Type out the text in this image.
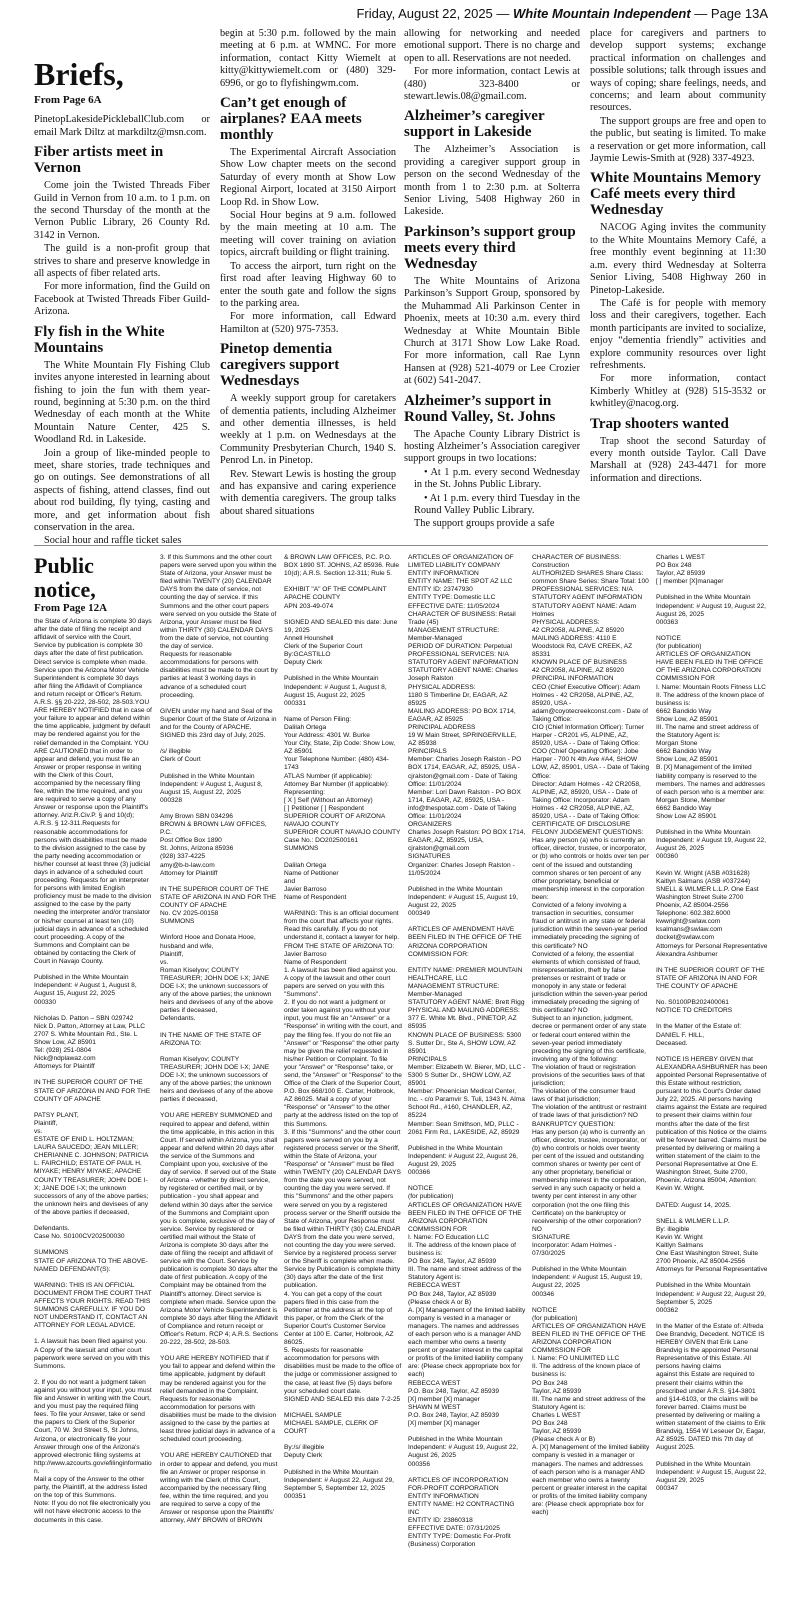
Friday, August 22, 2025 — White Mountain Independent — Page 13A
Briefs,
From Page 6A

PinetopLakesidePickleballClub.com or email Mark Diltz at markdiltz@msn.com.

Fiber artists meet in Vernon

Come join the Twisted Threads Fiber Guild in Vernon from 10 a.m. to 1 p.m. on the second Thursday of the month at the Vernon Public Library, 26 County Rd. 3142 in Vernon.

The guild is a non-profit group that strives to share and preserve knowledge in all aspects of fiber related arts.

For more information, find the Guild on Facebook at Twisted Threads Fiber Guild-Arizona.

Fly fish in the White Mountains

The White Mountain Fly Fishing Club invites anyone interested in learning about fishing to join the fun with them year-round, beginning at 5:30 p.m. on the third Wednesday of each month at the White Mountain Nature Center, 425 S. Woodland Rd. in Lakeside.

Join a group of like-minded people to meet, share stories, trade techniques and go on outings. See demonstrations of all aspects of fishing, attend classes, find out about rod building, fly tying, casting and more, and get information about fish conservation in the area.

Social hour and raffle ticket sales

begin at 5:30 p.m. followed by the main meeting at 6 p.m. at WMNC. For more information, contact Kitty Wiemelt at kitty@kittywiemelt.com or (480) 329-6996, or go to flyfishingwm.com.

Can’t get enough of airplanes? EAA meets monthly

The Experimental Aircraft Association Show Low chapter meets on the second Saturday of every month at Show Low Regional Airport, located at 3150 Airport Loop Rd. in Show Low.

Social Hour begins at 9 a.m. followed by the main meeting at 10 a.m. The meeting will cover training on aviation topics, aircraft building or flight training.

To access the airport, turn right on the first road after leaving Highway 60 to enter the south gate and follow the signs to the parking area.

For more information, call Edward Hamilton at (520) 975-7353.

Pinetop dementia caregivers support Wednesdays

A weekly support group for caretakers of dementia patients, including Alzheimer and other dementia illnesses, is held weekly at 1 p.m. on Wednesdays at the Community Presbyterian Church, 1940 S. Penrod Ln. in Pinetop.

Rev. Stewart Lewis is hosting the group and has expansive and caring experience with dementia caregivers. The group talks about shared situations

allowing for networking and needed emotional support. There is no charge and open to all. Reservations are not needed.

For more information, contact Lewis at (480) 323-8400 or stewart.lewis.08@gmail.com.

Alzheimer’s caregiver support in Lakeside

The Alzheimer’s Association is providing a caregiver support group in person on the second Wednesday of the month from 1 to 2:30 p.m. at Solterra Senior Living, 5408 Highway 260 in Lakeside.

Parkinson’s support group meets every third Wednesday

The White Mountains of Arizona Parkinson’s Support Group, sponsored by the Muhammad Ali Parkinson Center in Phoenix, meets at 10:30 a.m. every third Wednesday at White Mountain Bible Church at 3171 Show Low Lake Road. For more information, call Rae Lynn Hansen at (928) 521-4079 or Lee Crozier at (602) 541-2047.

Alzheimer’s support in Round Valley, St. Johns

The Apache County Library District is hosting Alzheimer’s Association caregiver support groups in two locations:

• At 1 p.m. every second Wednesday in the St. Johns Public Library.

• At 1 p.m. every third Tuesday in the Round Valley Public Library.

The support groups provide a safe

place for caregivers and partners to develop support systems; exchange practical information on challenges and possible solutions; talk through issues and ways of coping; share feelings, needs, and concerns; and learn about community resources.

The support groups are free and open to the public, but seating is limited. To make a reservation or get more information, call Jaymie Lewis-Smith at (928) 337-4923.

White Mountains Memory Café meets every third Wednesday

NACOG Aging invites the community to the White Mountains Memory Café, a free monthly event beginning at 11:30 a.m. every third Wednesday at Solterra Senior Living, 5408 Highway 260 in Pinetop-Lakeside.

The Café is for people with memory loss and their caregivers, together. Each month participants are invited to socialize, enjoy “dementia friendly” activities and explore community resources over light refreshments.

For more information, contact Kimberly Whitley at (928) 515-3532 or kwhitley@nacog.org.

Trap shooters wanted

Trap shoot the second Saturday of every month outside Taylor. Call Dave Marshall at (928) 243-4471 for more information and directions.

Public notice,
From Page 12A
the State of Arizona is complete 30 days after the date of filing the receipt and affidavit of service with the Court, Service by publication is complete 30 days after the date of first publication. Direct service is complete when made. Service upon the Arizona Motor Vehicle Superintendent is complete 30 days after filing the Affidavit of Compliance and return receipt or Officer's Return. A.R.S. §§ 20-222, 28-502, 28-503.YOU ARE HEREBY NOTIFIED that in case of your failure to appear and defend within the time applicable, judgment by default may be rendered against you for the relief demanded in the Complaint. YOU ARE CAUTIONED that in order to appear and defend, you must file an Answer or proper response in writing with the Clerk of this Court, accompanied by the necessary filing fee, within the time required, and you are required to serve a copy of any Answer or response upon the Plaintiff's attorney. Ariz.R.Civ.P. § and 10(d); A.R.S. § 12-311.Requests for reasonable accommodations for persons with disabilities must be made to the division assigned to the case by the party needing accommodation or his/her counsel at least three (3) judicial days in advance of a scheduled court proceeding. Requests for an interpreter for persons with limited English proficiency must be made to the division assigned to the case by the party needing the interpreter and/or translator or his/her counsel at least ten (10) judicial days in advance of a scheduled court proceeding. A copy of the Summons and Complaint can be obtained by contacting the Clerk of Court in Navajo County.

Published in the White Mountain Independent: # August 1, August 8, August 15, August 22, 2025
000330

Nicholas D. Patton – SBN 029742
Nick D. Patton, Attorney at Law, PLLC
2707 S. White Mountain Rd., Ste. L
Show Low, AZ 85901
Tel: (928) 251-0804
Nick@ndplawaz.com
Attorneys for Plaintiff

IN THE SUPERIOR COURT OF THE STATE OF ARIZONA IN AND FOR THE COUNTY OF APACHE

PATSY PLANT,
Plaintiff,
vs.
ESTATE OF ENID L. HOLTZMAN; LAURA SAUCEDO; JEAN MILLER; CHERIANNE C. JOHNSON; PATRICIA L. FAIRCHILD; ESTATE OF PAUL H. MIYAKE; HENRY MIYAKE; APACHE COUNTY TREASURER; JOHN DOE I-X; JANE DOE I-X; the unknown successors of any of the above parties; the unknown heirs and devisees of any of the above parties if deceased,

Defendants.
Case No. S0100CV202500030

SUMMONS
STATE OF ARIZONA TO THE ABOVE-NAMED DEFENDANT(S):

WARNING: THIS IS AN OFFICIAL DOCUMENT FROM THE COURT THAT AFFECTS YOUR RIGHTS. READ THIS SUMMONS CAREFULLY. IF YOU DO NOT UNDERSTAND IT, CONTACT AN ATTORNEY FOR LEGAL ADVICE.

1. A lawsuit has been filed against you. A Copy of the lawsuit and other court paperwork were served on you with this Summons.

2. If you do not want a judgment taken against you without your input, you must file and Answer in writing with the Court, and you must pay the required filing fees. To file your Answer, take or send the papers to Clerk of the Superior Court, 70 W. 3rd Street S, St Johns, Arizona, or electronically file your Answer through one of the Arizona's approved electronic filing systems at http://www.azcourts.gov/efilinginformation.
Mail a copy of the Answer to the other party, the Plaintiff, at the address listed on the top of this Summons.
Note: If you do not file electronically you will not have electronic access to the documents in this case.
3. If this Summons and the other court papers were served upon you within the State of Arizona, your Answer must be filed within TWENTY (20) CALENDAR DAYS from the date of service, not counting the day of service. If this Summons and the other court papers were served on you outside the State of Arizona, your Answer must be filed within THIRTY (30) CALENDAR DAYS from the date of service, not counting the day of service.
Requests for reasonable accommodations for persons with disabilities must be made to the court by parties at least 3 working days in advance of a scheduled court proceeding.

GIVEN under my hand and Seal of the Superior Court of the State of Arizona in and for the County of APACHE.
SIGNED this 23rd day of July, 2025.

/s/ illegible
Clerk of Court

Published in the White Mountain Independent: # August 1, August 8, August 15, August 22, 2025
000328

Amy Brown SBN 034296
BROWN & BROWN LAW OFFICES, P.C.
Post Office Box 1890
St. Johns, Arizona 85936
(928) 337-4225
amy@b-b-law.com
Attorney for Plaintiff

IN THE SUPERIOR COURT OF THE STATE OF ARIZONA IN AND FOR THE COUNTY OF APACHE
No. CV 2025-00158
SUMMONS

Winford Hooe and Donata Hooe, husband and wife,
Plaintiff,
vs.
Roman Kiselyov; COUNTY TREASURER; JOHN DOE I-X; JANE DOE I-X; the unknown successors of any of the above parties; the unknown heirs and devisees of any of the above parties if deceased,
Defendants.

IN THE NAME OF THE STATE OF ARIZONA TO:

Roman Kiselyov; COUNTY TREASURER; JOHN DOE I-X; JANE DOE I-X; the unknown successors of any of the above parties; the unknown heirs and devisees of any of the above parties if deceased,

YOU ARE HEREBY SUMMONED and required to appear and defend, within the time applicable, in this action in this Court. If served within Arizona, you shall appear and defend within 20 days after the service of the Summons and Complaint upon you, exclusive of the day of service. If served out of the State of Arizona - whether by direct service, by registered or certified mail, or by publication - you shall appear and defend within 30 days after the service of the Summons and Complaint upon you is complete, exclusive of the day of service. Service by registered or certified mail without the State of Arizona is complete 30 days after the date of filing the receipt and affidavit of service with the Court. Service by publication is complete 30 days after the date of first publication. A copy of the Complaint may be obtained from the Plaintiff's attorney. Direct service is complete when made. Service upon the Arizona Motor Vehicle Superintendent is complete 30 days after filing the Affidavit of Compliance and return receipt or Officer's Return. RCP 4; A.R.S. Sections 20-222, 28-502, 28-503.

YOU ARE HEREBY NOTIFIED that if you fail to appear and defend within the time applicable, judgment by default may be rendered against you for the relief demanded in the Complaint. Requests for reasonable accommodation for persons with disabilities must be made to the division assigned to the case by the parties at least three judicial days in advance of a scheduled court proceeding.

YOU ARE HEREBY CAUTIONED that in order to appear and defend, you must file an Answer or proper response in writing with the Clerk of this Court, accompanied by the necessary filing fee, within the time required, and you are required to serve a copy of the Answer or response upon the Plaintiffs' attorney, AMY BROWN of BROWN
& BROWN LAW OFFICES, P.C. P.O. BOX 1890 ST. JOHNS, AZ 85936. Rule 10(d); A.R.S. Section 12-311; Rule 5.

EXHIBIT "A" OF THE COMPLAINT
APACHE COUNTY
APN 203-49-074

SIGNED AND SEALED this date: June 19, 2025
Annell Hounshell
Clerk of the Superior Court
By:GCASTILLO
Deputy Clerk

Published in the White Mountain Independent: # August 1, August 8, August 15, August 22, 2025
000331

Name of Person Filing:
Dalilah Ortega
Your Address: 4301 W. Burke
Your City, State, Zip Code: Show Low, AZ 85901
Your Telephone Number: (480) 434-1743
ATLAS Number (if applicable):
Attorney Bar Number (if applicable):
Representing:
[ X ] Self (Without an Attorney)
[ ] Petitioner [ ] Respondent
SUPERIOR COURT OF ARIZONA NAVAJO COUNTY
SUPERIOR COURT NAVAJO COUNTY
Case No.: DO202500161
SUMMONS

Dalilah Ortega
Name of Petitioner
and
Javier Barroso
Name of Respondent

WARNING: This is an official document from the court that affects your rights. Read this carefully. If you do not understand it, contact a lawyer for help.
FROM THE STATE OF ARIZONA TO: Javier Barroso
Name of Respondent
1. A lawsuit has been filed against you. A copy of the lawsuit and other court papers are served on you with this "Summons".
2. If you do not want a judgment or order taken against you without your input, you must file an "Answer" or a "Response" in writing with the court, and pay the filing fee. If you do not file an "Answer" or "Response" the other party may be given the relief requested in his/her Petition or Complaint. To file your "Answer" or "Response" take, or send, the "Answer" or "Response" to the Office of the Clerk of the Superior Court, P.O. Box 668/100 E. Carter, Holbrook, AZ 86025. Mail a copy of your "Response" or "Answer" to the other party at the address listed on the top of this Summons.
3. If this "Summons" and the other court papers were served on you by a registered process server or the Sheriff, within the State of Arizona, your "Response" or "Answer" must be filed within TWENTY (20) CALENDAR DAYS from the date you were served, not counting the day you were served. If this "Summons" and the other papers were served on you by a registered process server or the Sheriff outside the State of Arizona, your Response must be filed within THIRTY (30) CALENDAR DAYS from the date you were served, not counting the day you were served. Service by a registered process server or the Sheriff is complete when made. Service by Publication is complete thirty (30) days after the date of the first publication.
4. You can get a copy of the court papers filed in this case from the Petitioner at the address at the top of this paper, or from the Clerk of the Superior Court's Customer Service Center at 100 E. Carter, Holbrook, AZ 86025.
5. Requests for reasonable accommodation for persons with disabilities must be made to the office of the judge or commissioner assigned to the case, at least five (5) days before your scheduled court date.
SIGNED AND SEALED this date 7-2-25

MICHAEL SAMPLE
MICHAEL SAMPLE, CLERK OF COURT

By:/s/ illegible
Deputy Clerk

Published in the White Mountain Independent: # August 22, August 29, September 5, September 12, 2025
000351
ARTICLES OF ORGANIZATION OF LIMITED LIABILITY COMPANY
ENTITY INFORMATION
ENTITY NAME: THE SPOT AZ LLC
ENTITY ID: 23747930
ENTITY TYPE: Domestic LLC
EFFECTIVE DATE: 11/05/2024
CHARACTER OF BUSINESS: Retail Trade (45)
MANAGEMENT STRUCTURE: Member-Managed
PERIOD OF DURATION: Perpetual
PROFESSIONAL SERVICES: N/A
STATUTORY AGENT INFORMATION
STATUTORY AGENT NAME: Charles Joseph Ralston
PHYSICAL ADDRESS:
1180 S Timberline Dr, EAGAR, AZ 85925
MAILING ADDRESS: PO BOX 1714, EAGAR, AZ 85925
PRINCIPAL ADDRESS
19 W Main Street, SPRINGERVILLE, AZ 85938
PRINCIPALS
Member: Charles Joseph Ralston - PO BOX 1714, EAGAR, AZ, 85925, USA - cjralston@gmail.com - Date of Taking Office: 11/01/2024
Member: Lori Dawn Ralston - PO BOX 1714, EAGAR, AZ, 85925, USA - info@thespotaz.com - Date of Taking Office: 11/01/2024
ORGANIZERS
Charles Joseph Ralston: PO BOX 1714, EAGAR, AZ, 85925, USA, cjralston@gmail.com
SIGNATURES
Organizer: Charles Joseph Ralston - 11/05/2024

Published in the White Mountain Independent: # August 15, August 19, August 22, 2025
000349

ARTICLES OF AMENDMENT HAVE BEEN FILED IN THE OFFICE OF THE ARIZONA CORPORATION COMMISSION FOR:

ENTITY NAME: PREMIER MOUNTAIN HEALTHCARE, LLC
MANAGEMENT STRUCTURE: Member-Managed
STATUTORY AGENT NAME: Brett Rigg
PHYSICAL AND MAILING ADDRESS: 377 E. White Mt. Blvd., PINETOP, AZ 85935
KNOWN PLACE OF BUSINESS: 5300 S. Sutter Dr., Ste A, SHOW LOW, AZ 85901
PRINCIPALS
Member: Elizabeth W. Bierer, MD, LLC - 5300 S Sutter Dr., SHOW LOW, AZ 85901
Member: Phoenician Medical Center, Inc. - c/o Paramvir S. Tuli, 1343 N. Alma School Rd., #160, CHANDLER, AZ, 85224
Member: Sean Smithson, MD, PLLC - 2061 Firm Rd., LAKESIDE, AZ, 85929

Published in the White Mountain Independent: # August 22, August 26, August 29, 2025
000366

NOTICE
(for publication)
ARTICLES OF ORGANIZATION HAVE BEEN FILED IN THE OFFICE OF THE ARIZONA CORPORATION COMMISSION FOR
I. Name: FO Education LLC
II. The address of the known place of business is:
PO Box 248, Taylor, AZ 85939
III. The name and street address of the Statutory Agent is:
REBECCA WEST
PO Box 248, Taylor, AZ 85939
(Please check A or B)
A. [X] Management of the limited liability company is vested in a manager or managers. The names and addresses of each person who is a manager AND each member who owns a twenty percent or greater interest in the capital or profits of the limited liability company are: (Please check appropriate box for each)
REBECCA WEST
P.O. Box 248, Taylor, AZ 85939
[X] member [X] manager
SHAWN M WEST
P.O. Box 248, Taylor, AZ 85939
[X] member [X] manager

Published in the White Mountain Independent: # August 19, August 22, August 26, 2025
000356

ARTICLES OF INCORPORATION FOR-PROFIT CORPORATION
ENTITY INFORMATION
ENTITY NAME: H2 CONTRACTING INC
ENTITY ID: 23860318
EFFECTIVE DATE: 07/31/2025
ENTITY TYPE: Domestic For-Profit (Business) Corporation
CHARACTER OF BUSINESS: Construction
AUTHORIZED SHARES Share Class: common Share Series: Share Total: 100
PROFESSIONAL SERVICES: N/A
STATUTORY AGENT INFORMATION
STATUTORY AGENT NAME: Adam Holmes
PHYSICAL ADDRESS:
42 CR2058, ALPINE, AZ 85920
MAILING ADDRESS: 4110 E Woodstock Rd, CAVE CREEK, AZ 85331
KNOWN PLACE OF BUSINESS
42 CR2058, ALPINE, AZ 85920
PRINCIPAL INFORMATION
CEO (Chief Executive Officer): Adam Holmes - 42 CR2058, ALPINE, AZ, 85920, USA - adam@coyotecreekconst.com - Date of Taking Office:
CIO (Chief Information Officer): Turner Harper - CR201 #5, ALPINE, AZ, 85920, USA - - Date of Taking Office:
COO (Chief Operating Officer): Jobe Harper - 700 N 4th Ave #A4, SHOW LOW, AZ, 85901, USA - - Date of Taking Office:
Director: Adam Holmes - 42 CR2058, ALPINE, AZ, 85920, USA - - Date of Taking Office: Incorporator: Adam Holmes - 42 CR2058, ALPINE, AZ, 85920, USA - - Date of Taking Office:
CERTIFICATE OF DISCLOSURE FELONY JUDGEMENT QUESTIONS:
Has any person (a) who is currently an officer, director, trustee, or incorporator, or (b) who controls or holds over ten per cent of the issued and outstanding common shares or ten percent of any other proprietary, beneficial or membership interest in the corporation been:
Convicted of a felony involving a transaction in securities, consumer fraud or antitrust in any state or federal jurisdiction within the seven-year period immediately preceding the signing of this certificate? NO
Convicted of a felony, the essential elements of which consisted of fraud, misrepresentation, theft by false pretenses or restraint of trade or monopoly in any state or federal jurisdiction within the seven-year period immediately preceding the signing of this certificate? NO
Subject to an injunction, judgment, decree or permanent order of any state or federal court entered within the seven-year period immediately preceding the signing of this certificate, involving any of the following:
The violation of fraud or registration provisions of the securities laws of that jurisdiction;
The violation of the consumer fraud laws of that jurisdiction;
The violation of the antitrust or restraint of trade laws of that jurisdiction? NO
BANKRUPTCY QUESTION:
Has any person (a) who is currently an officer, director, trustee, incorporator, or (b) who controls or holds over twenty per cent of the issued and outstanding common shares or twenty per cent of any other proprietary, beneficial or membership interest in the corporation, served in any such capacity or held a twenty per cent interest in any other corporation (not the one filing this Certificate) on the bankruptcy or receivership of the other corporation? NO
SIGNATURE
Incorporator: Adam Holmes - 07/30/2025

Published in the White Mountain Independent: # August 15, August 19, August 22, 2025
000346

NOTICE
(for publication)
ARTICLES OF ORGANIZATION HAVE BEEN FILED IN THE OFFICE OF THE ARIZONA CORPORATION COMMISSION FOR
I. Name: FO UNLIMITED LLC
II. The address of the known place of business is:
PO Box 248
Taylor, AZ 85939
III. The name and street address of the Statutory Agent is:
Charles L WEST
PO Box 248
Taylor, AZ 85939
(Please check A or B)
A. [X] Management of the limited liability company is vested in a manager or managers. The names and addresses of each person who is a manager AND each member who owns a twenty percent or greater interest in the capital or profits of the limited liability company are: (Please check appropriate box for each)
Charles L WEST
PO Box 248
Taylor, AZ 85939
[ ] member [X]manager

Published in the White Mountain Independent: # August 19, August 22, August 26, 2025
000363

NOTICE
(for publication)
ARTICLES OF ORGANIZATION HAVE BEEN FILED IN THE OFFICE OF THE ARIZONA CORPORATION COMMISSION FOR
I. Name: Mountain Roots Fitness LLC
II. The address of the known place of business is:
6662 Bandido Way
Show Low, AZ 85901
III. The name and street address of the Statutory Agent is:
Morgan Stone
6662 Bandido Way
Show Low, AZ 85901
B. [X] Management of the limited liability company is reserved to the members. The names and addresses of each person who is a member are:
Morgan Stone, Member
6662 Bandido Way
Show Low AZ 85901

Published in the White Mountain Independent: # August 19, August 22, August 26, 2025
000360

Kevin W. Wright (ASB #031628)
Kaitlyn Salmans (ASB #037244)
SNELL & WILMER L.L.P. One East Washington Street Suite 2700 Phoenix, AZ 85004-2556
Telephone: 602.382.6000
kwwright@swlaw.com
ksalmans@swlaw.com
docket@swlaw.com
Attorneys for Personal Representative
Alexandra Ashburner

IN THE SUPERIOR COURT OF THE STATE OF ARIZONA IN AND FOR THE COUNTY OF APACHE

No. S0100PB202400061
NOTICE TO CREDITORS

In the Matter of the Estate of:
DANIEL F. HILL,
Deceased.

NOTICE IS HEREBY GIVEN that ALEXANDRA ASHBURNER has been appointed Personal Representative of this Estate without restriction, pursuant to this Court's Order dated July 22, 2025. All persons having claims against the Estate are required to present their claims within four months after the date of the first publication of this Notice or the claims will be forever barred. Claims must be presented by delivering or mailing a written statement of the claim to the Personal Representative at One E. Washington Street, Suite 2700, Phoenix, Arizona 85004, Attention: Kevin W. Wright.

DATED: August 14, 2025.

SNELL & WILMER L.L.P.
By: illegible
Kevin W. Wright
Kaitlyn Salmans
One East Washington Street, Suite 2700 Phoenix, AZ 85004-2556
Attorneys for Personal Representative

Published in the White Mountain Independent: # August 22, August 29, September 5, 2025
000362

In the Matter of the Estate of: Alfreda Dee Brandvig, Decedent. NOTICE IS HEREBY GIVEN that Erik Lane Brandvig is the appointed Personal Representative of this Estate. All persons having claims
against this Estate are required to present their claims within the prescribed under A.R.S. §14-3801 and §14-6103, or the claims will be forever barred. Claims must be presented by delivering or mailing a written statement of the claims to Erik Brandvig, 1554 W Leseuer Dr, Eagar, AZ 85925. DATED this 7th day of August 2025.

Published in the White Mountain Independent: # August 15, August 22, August 29, 2025
000347
